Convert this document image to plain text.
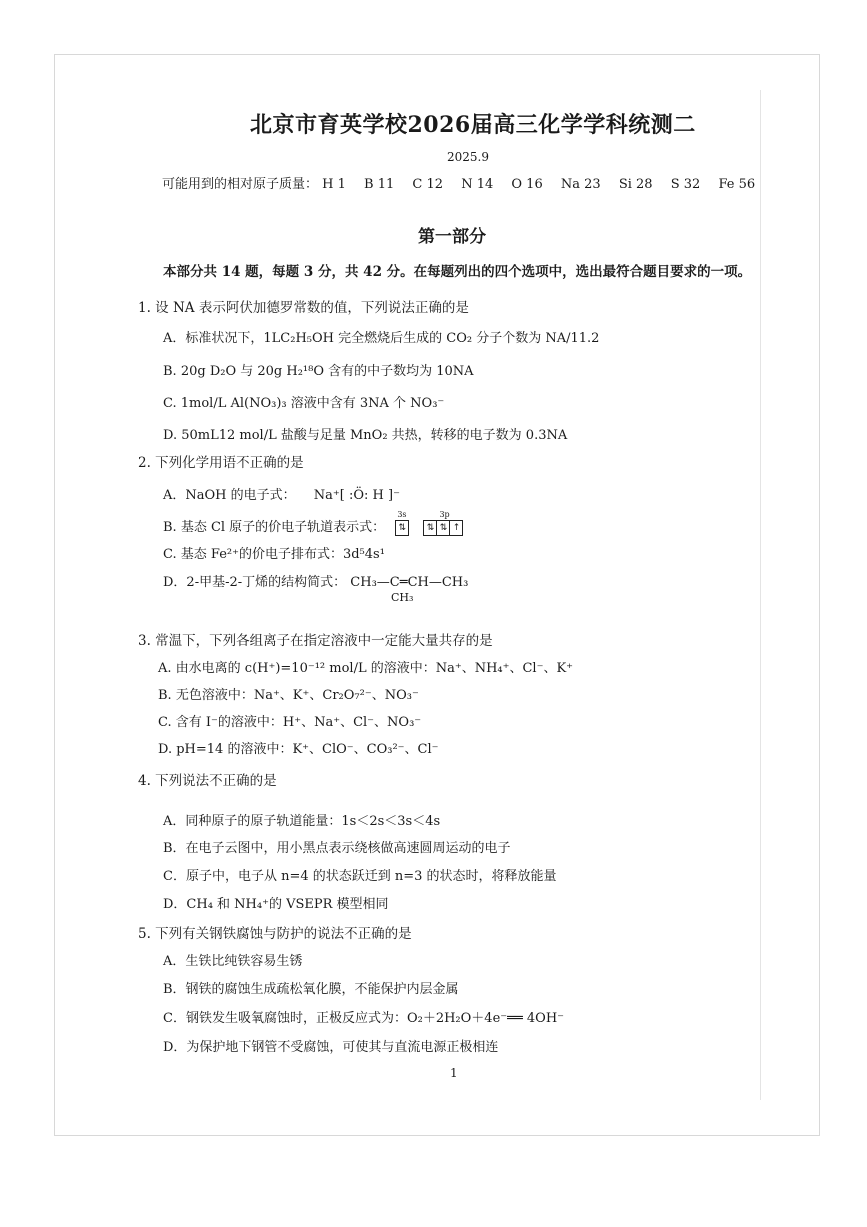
北京市育英学校2026届高三化学学科统测二
2025.9
可能用到的相对原子质量： H 1 B 11 C 12 N 14 O 16 Na 23 Si 28 S 32 Fe 56
第一部分
本部分共 14 题，每题 3 分，共 42 分。在每题列出的四个选项中，选出最符合题目要求的一项。
1. 设 NA 表示阿伏加德罗常数的值，下列说法正确的是
A．标准状况下，1LC₂H₅OH 完全燃烧后生成的 CO₂ 分子个数为 NA/11.2
B. 20g D₂O 与 20g H₂¹⁸O 含有的中子数均为 10NA
C. 1mol/L Al(NO₃)₃ 溶液中含有 3NA 个 NO₃⁻
D. 50mL12 mol/L 盐酸与足量 MnO₂ 共热，转移的电子数为 0.3NA
2. 下列化学用语不正确的是
A．NaOH 的电子式： Na⁺[ :Ö: H ]⁻
B. 基态 Cl 原子的价电子轨道表示式：
3s
⇅

3p
⇅ ⇅ ↑
C. 基态 Fe²⁺的价电子排布式：3d⁵4s¹
D．2-甲基-2-丁烯的结构简式： CH₃—C═CH—CH₃
CH₃
3. 常温下，下列各组离子在指定溶液中一定能大量共存的是
A. 由水电离的 c(H⁺)=10⁻¹² mol/L 的溶液中：Na⁺、NH₄⁺、Cl⁻、K⁺
B. 无色溶液中：Na⁺、K⁺、Cr₂O₇²⁻、NO₃⁻
C. 含有 I⁻的溶液中：H⁺、Na⁺、Cl⁻、NO₃⁻
D. pH=14 的溶液中：K⁺、ClO⁻、CO₃²⁻、Cl⁻
4. 下列说法不正确的是
A．同种原子的原子轨道能量：1s＜2s＜3s＜4s
B．在电子云图中，用小黑点表示绕核做高速圆周运动的电子
C．原子中，电子从 n=4 的状态跃迁到 n=3 的状态时，将释放能量
D．CH₄ 和 NH₄⁺的 VSEPR 模型相同
5. 下列有关钢铁腐蚀与防护的说法不正确的是
A．生铁比纯铁容易生锈
B．钢铁的腐蚀生成疏松氧化膜，不能保护内层金属
C．钢铁发生吸氧腐蚀时，正极反应式为：O₂＋2H₂O＋4e⁻══ 4OH⁻
D．为保护地下钢管不受腐蚀，可使其与直流电源正极相连
1
